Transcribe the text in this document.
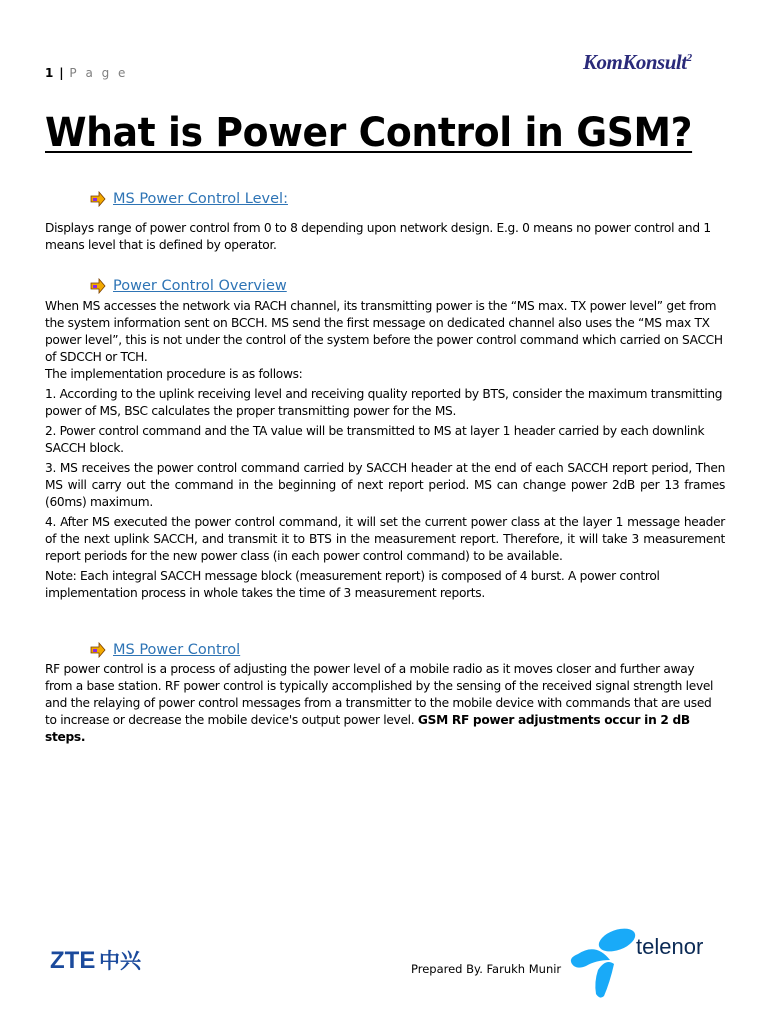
1 | P a g e	KomKonsult$^2$
What is Power Control in GSM?
MS Power Control Level:

Displays range of power control from 0 to 8 depending upon network design. E.g. 0 means no power control and 1 means level that is defined by operator.

Power Control Overview

When MS accesses the network via RACH channel, its transmitting power is the “MS max. TX power level” get from the system information sent on BCCH. MS send the first message on dedicated channel also uses the “MS max TX power level”, this is not under the control of the system before the power control command which carried on SACCH of SDCCH or TCH.

The implementation procedure is as follows:

1. According to the uplink receiving level and receiving quality reported by BTS, consider the maximum transmitting power of MS, BSC calculates the proper transmitting power for the MS.

2. Power control command and the TA value will be transmitted to MS at layer 1 header carried by each downlink SACCH block.

3. MS receives the power control command carried by SACCH header at the end of each SACCH report period, Then MS will carry out the command in the beginning of next report period. MS can change power 2dB per 13 frames (60ms) maximum.

4. After MS executed the power control command, it will set the current power class at the layer 1 message header of the next uplink SACCH, and transmit it to BTS in the measurement report. Therefore, it will take 3 measurement report periods for the new power class (in each power control command) to be available.

Note: Each integral SACCH message block (measurement report) is composed of 4 burst. A power control implementation process in whole takes the time of 3 measurement reports.

MS Power Control

RF power control is a process of adjusting the power level of a mobile radio as it moves closer and further away from a base station. RF power control is typically accomplished by the sensing of the received signal strength level and the relaying of power control messages from a transmitter to the mobile device with commands that are used to increase or decrease the mobile device's output power level. GSM RF power adjustments occur in 2 dB steps.

ZTE 中兴	Prepared By. Farukh Munir
telenor
